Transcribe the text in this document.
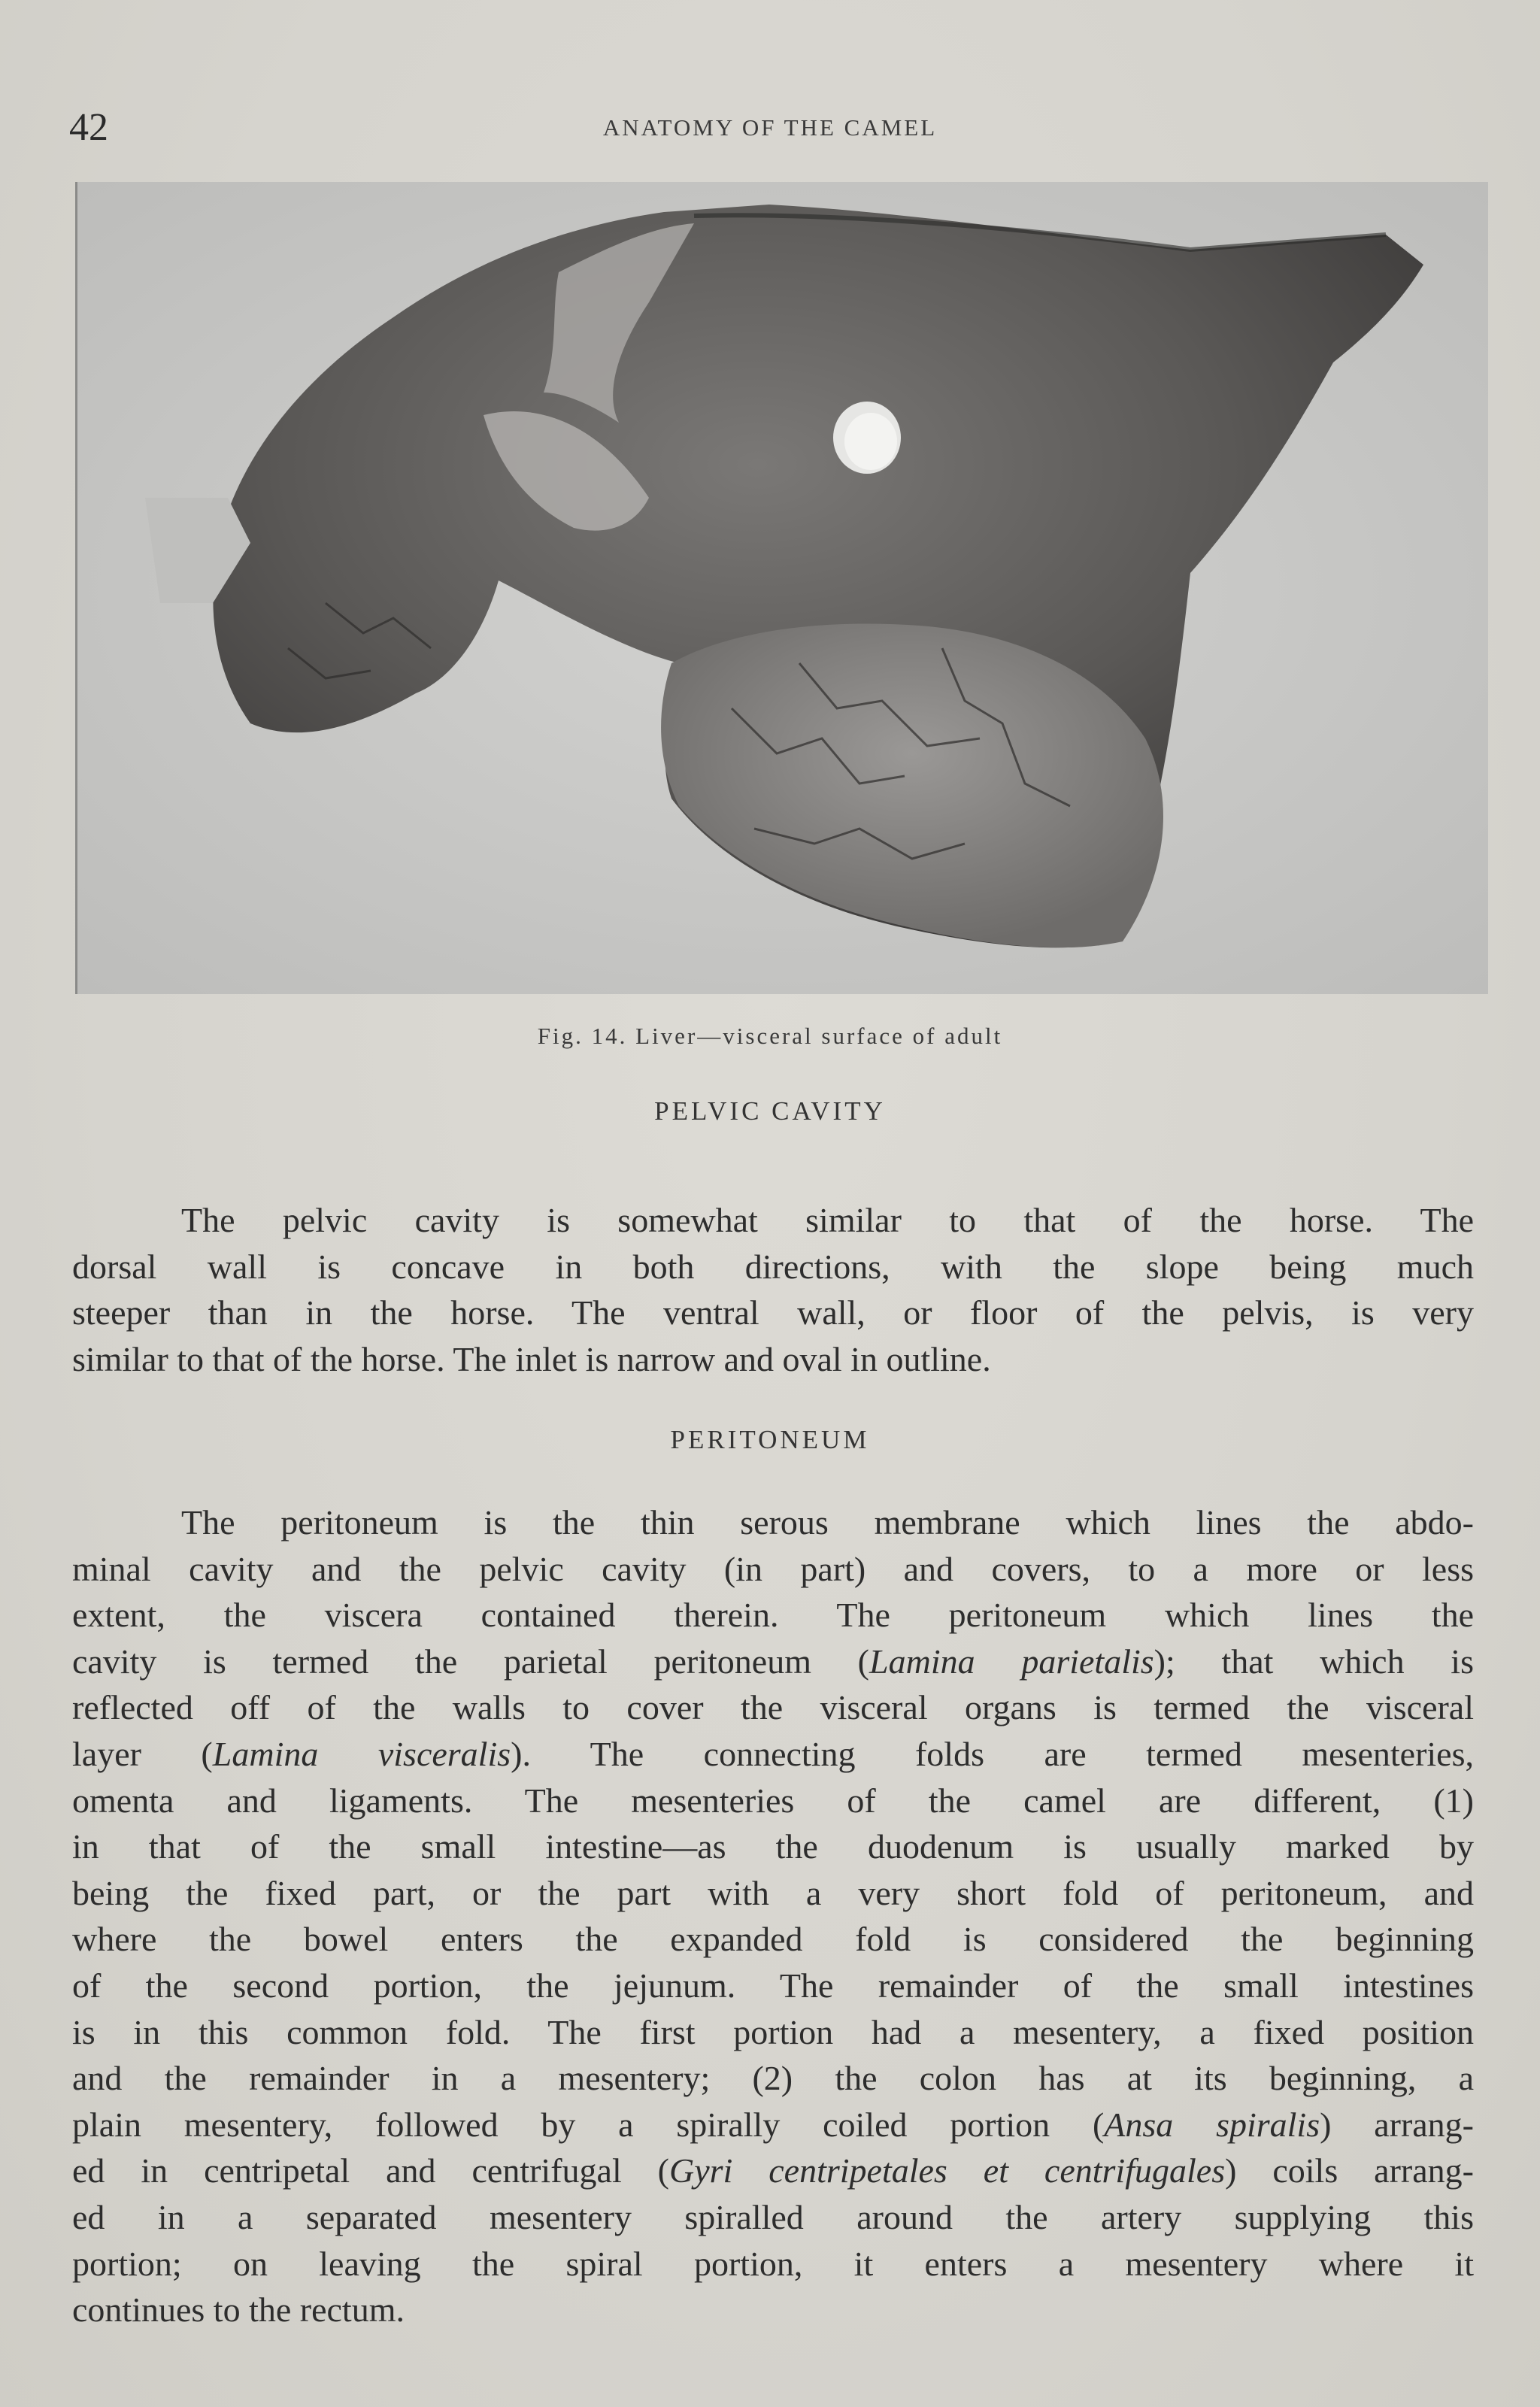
42	ANATOMY OF THE CAMEL
Fig. 14. Liver—visceral surface of adult
PELVIC CAVITY
The pelvic cavity is somewhat similar to that of the horse. The
dorsal wall is concave in both directions, with the slope being much
steeper than in the horse. The ventral wall, or floor of the pelvis, is very
similar to that of the horse. The inlet is narrow and oval in outline.
PERITONEUM
The peritoneum is the thin serous membrane which lines the abdo-
minal cavity and the pelvic cavity (in part) and covers, to a more or less
extent, the viscera contained therein. The peritoneum which lines the
cavity is termed the parietal peritoneum (Lamina parietalis); that which is
reflected off of the walls to cover the visceral organs is termed the visceral
layer (Lamina visceralis). The connecting folds are termed mesenteries,
omenta and ligaments. The mesenteries of the camel are different, (1)
in that of the small intestine—as the duodenum is usually marked by
being the fixed part, or the part with a very short fold of peritoneum, and
where the bowel enters the expanded fold is considered the beginning
of the second portion, the jejunum. The remainder of the small intestines
is in this common fold. The first portion had a mesentery, a fixed position
and the remainder in a mesentery; (2) the colon has at its beginning, a
plain mesentery, followed by a spirally coiled portion (Ansa spiralis) arrang-
ed in centripetal and centrifugal (Gyri centripetales et centrifugales) coils arrang-
ed in a separated mesentery spiralled around the artery supplying this
portion; on leaving the spiral portion, it enters a mesentery where it
continues to the rectum.
